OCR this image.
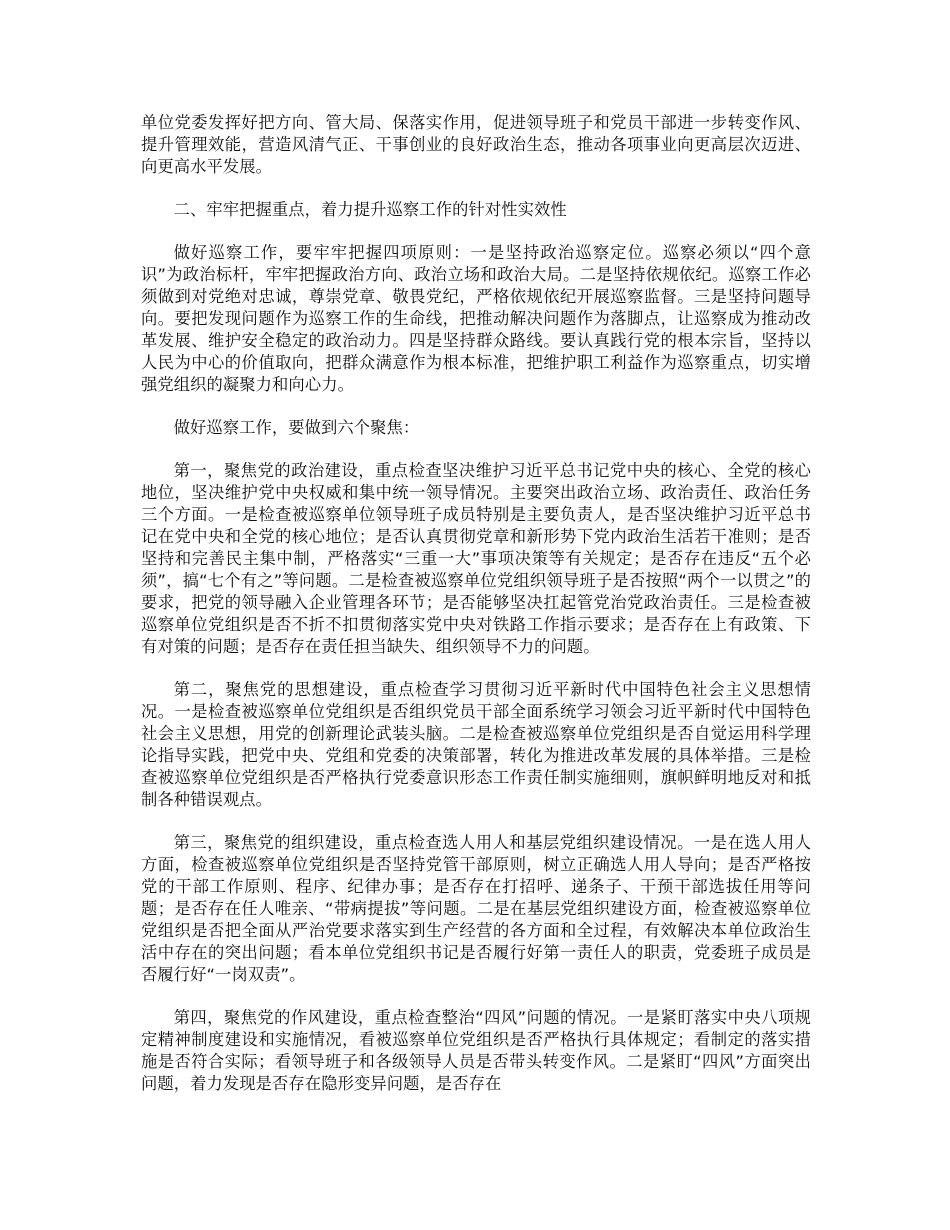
单位党委发挥好把方向、管大局、保落实作用，促进领导班子和党员干部进一步转变作风、提升管理效能，营造风清气正、干事创业的良好政治生态，推动各项事业向更高层次迈进、向更高水平发展。

二、牢牢把握重点，着力提升巡察工作的针对性实效性

做好巡察工作，要牢牢把握四项原则：一是坚持政治巡察定位。巡察必须以“四个意识”为政治标杆，牢牢把握政治方向、政治立场和政治大局。二是坚持依规依纪。巡察工作必须做到对党绝对忠诚，尊崇党章、敬畏党纪，严格依规依纪开展巡察监督。三是坚持问题导向。要把发现问题作为巡察工作的生命线，把推动解决问题作为落脚点，让巡察成为推动改革发展、维护安全稳定的政治动力。四是坚持群众路线。要认真践行党的根本宗旨，坚持以人民为中心的价值取向，把群众满意作为根本标准，把维护职工利益作为巡察重点，切实增强党组织的凝聚力和向心力。

做好巡察工作，要做到六个聚焦：

第一，聚焦党的政治建设，重点检查坚决维护习近平总书记党中央的核心、全党的核心地位，坚决维护党中央权威和集中统一领导情况。主要突出政治立场、政治责任、政治任务三个方面。一是检查被巡察单位领导班子成员特别是主要负责人，是否坚决维护习近平总书记在党中央和全党的核心地位；是否认真贯彻党章和新形势下党内政治生活若干准则；是否坚持和完善民主集中制，严格落实“三重一大”事项决策等有关规定；是否存在违反“五个必须”，搞“七个有之”等问题。二是检查被巡察单位党组织领导班子是否按照“两个一以贯之”的要求，把党的领导融入企业管理各环节；是否能够坚决扛起管党治党政治责任。三是检查被巡察单位党组织是否不折不扣贯彻落实党中央对铁路工作指示要求；是否存在上有政策、下有对策的问题；是否存在责任担当缺失、组织领导不力的问题。

第二，聚焦党的思想建设，重点检查学习贯彻习近平新时代中国特色社会主义思想情况。一是检查被巡察单位党组织是否组织党员干部全面系统学习领会习近平新时代中国特色社会主义思想，用党的创新理论武装头脑。二是检查被巡察单位党组织是否自觉运用科学理论指导实践，把党中央、党组和党委的决策部署，转化为推进改革发展的具体举措。三是检查被巡察单位党组织是否严格执行党委意识形态工作责任制实施细则，旗帜鲜明地反对和抵制各种错误观点。

第三，聚焦党的组织建设，重点检查选人用人和基层党组织建设情况。一是在选人用人方面，检查被巡察单位党组织是否坚持党管干部原则，树立正确选人用人导向；是否严格按党的干部工作原则、程序、纪律办事；是否存在打招呼、递条子、干预干部选拔任用等问题；是否存在任人唯亲、“带病提拔”等问题。二是在基层党组织建设方面，检查被巡察单位党组织是否把全面从严治党要求落实到生产经营的各方面和全过程，有效解决本单位政治生活中存在的突出问题；看本单位党组织书记是否履行好第一责任人的职责，党委班子成员是否履行好“一岗双责”。

第四，聚焦党的作风建设，重点检查整治“四风”问题的情况。一是紧盯落实中央八项规定精神制度建设和实施情况，看被巡察单位党组织是否严格执行具体规定；看制定的落实措施是否符合实际；看领导班子和各级领导人员是否带头转变作风。二是紧盯“四风”方面突出问题，着力发现是否存在隐形变异问题，是否存在
